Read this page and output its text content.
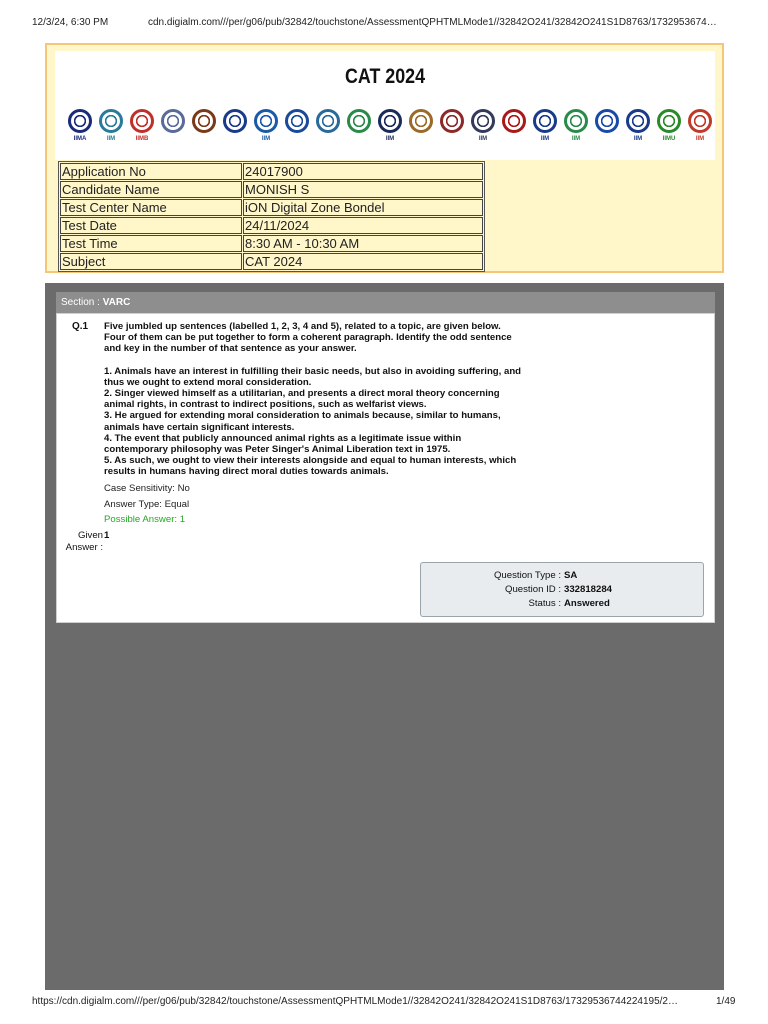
12/3/24, 6:30 PM	cdn.digialm.com///per/g06/pub/32842/touchstone/AssessmentQPHTMLMode1//32842O241/32842O241S1D8763/1732953674…
CAT 2024
IIMA	IIM	IIMB	IIM	IIM	IIM	IIM	IIM	IIM	IIMU	IIM
Application No	24017900
Candidate Name	MONISH S
Test Center Name	iON Digital Zone Bondel
Test Date	24/11/2024
Test Time	8:30 AM - 10:30 AM
Subject	CAT 2024
Section : VARC
Q.1 Five jumbled up sentences (labelled 1, 2, 3, 4 and 5), related to a topic, are given below. Four of them can be put together to form a coherent paragraph. Identify the odd sentence and key in the number of that sentence as your answer.

1. Animals have an interest in fulfilling their basic needs, but also in avoiding suffering, and thus we ought to extend moral consideration.

2. Singer viewed himself as a utilitarian, and presents a direct moral theory concerning animal rights, in contrast to indirect positions, such as welfarist views.

3. He argued for extending moral consideration to animals because, similar to humans, animals have certain significant interests.

4. The event that publicly announced animal rights as a legitimate issue within contemporary philosophy was Peter Singer's Animal Liberation text in 1975.

5. As such, we ought to view their interests alongside and equal to human interests, which results in humans having direct moral duties towards animals.

Case Sensitivity: No
Answer Type: Equal
Possible Answer: 1
Given Answer :
1
Question Type : SA
Question ID : 332818284
Status : Answered
https://cdn.digialm.com///per/g06/pub/32842/touchstone/AssessmentQPHTMLMode1//32842O241/32842O241S1D8763/17329536744224195/2…	1/49
